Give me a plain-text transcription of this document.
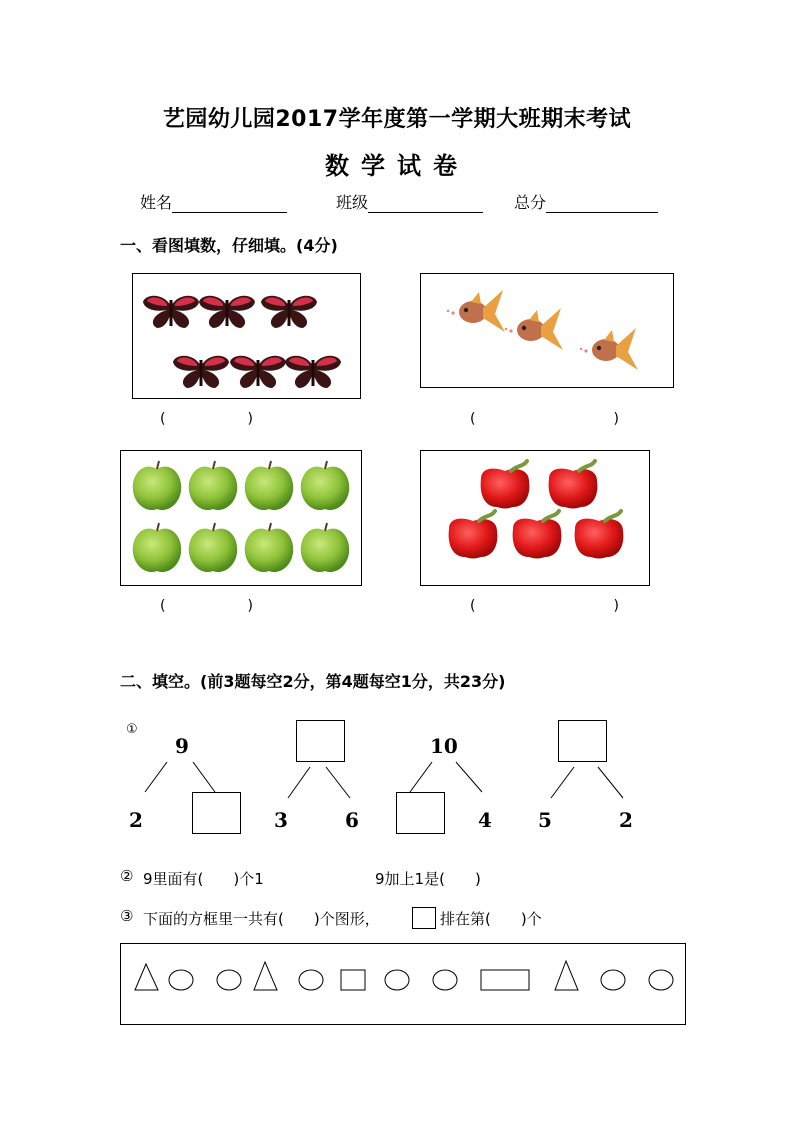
艺园幼儿园2017学年度第一学期大班期末考试
数学试卷
姓名	班级	总分
一、看图填数，仔细填。(4分)
(	)	(	)
(	)	(	)
二、填空。(前3题每空2分，第4题每空1分，共23分)
①
9
2	3	6
10
4 5	2
② 9里面有(　　)个1	9加上1是(　　)
③ 下面的方框里一共有(　　)个图形，	排在第(　　)个
